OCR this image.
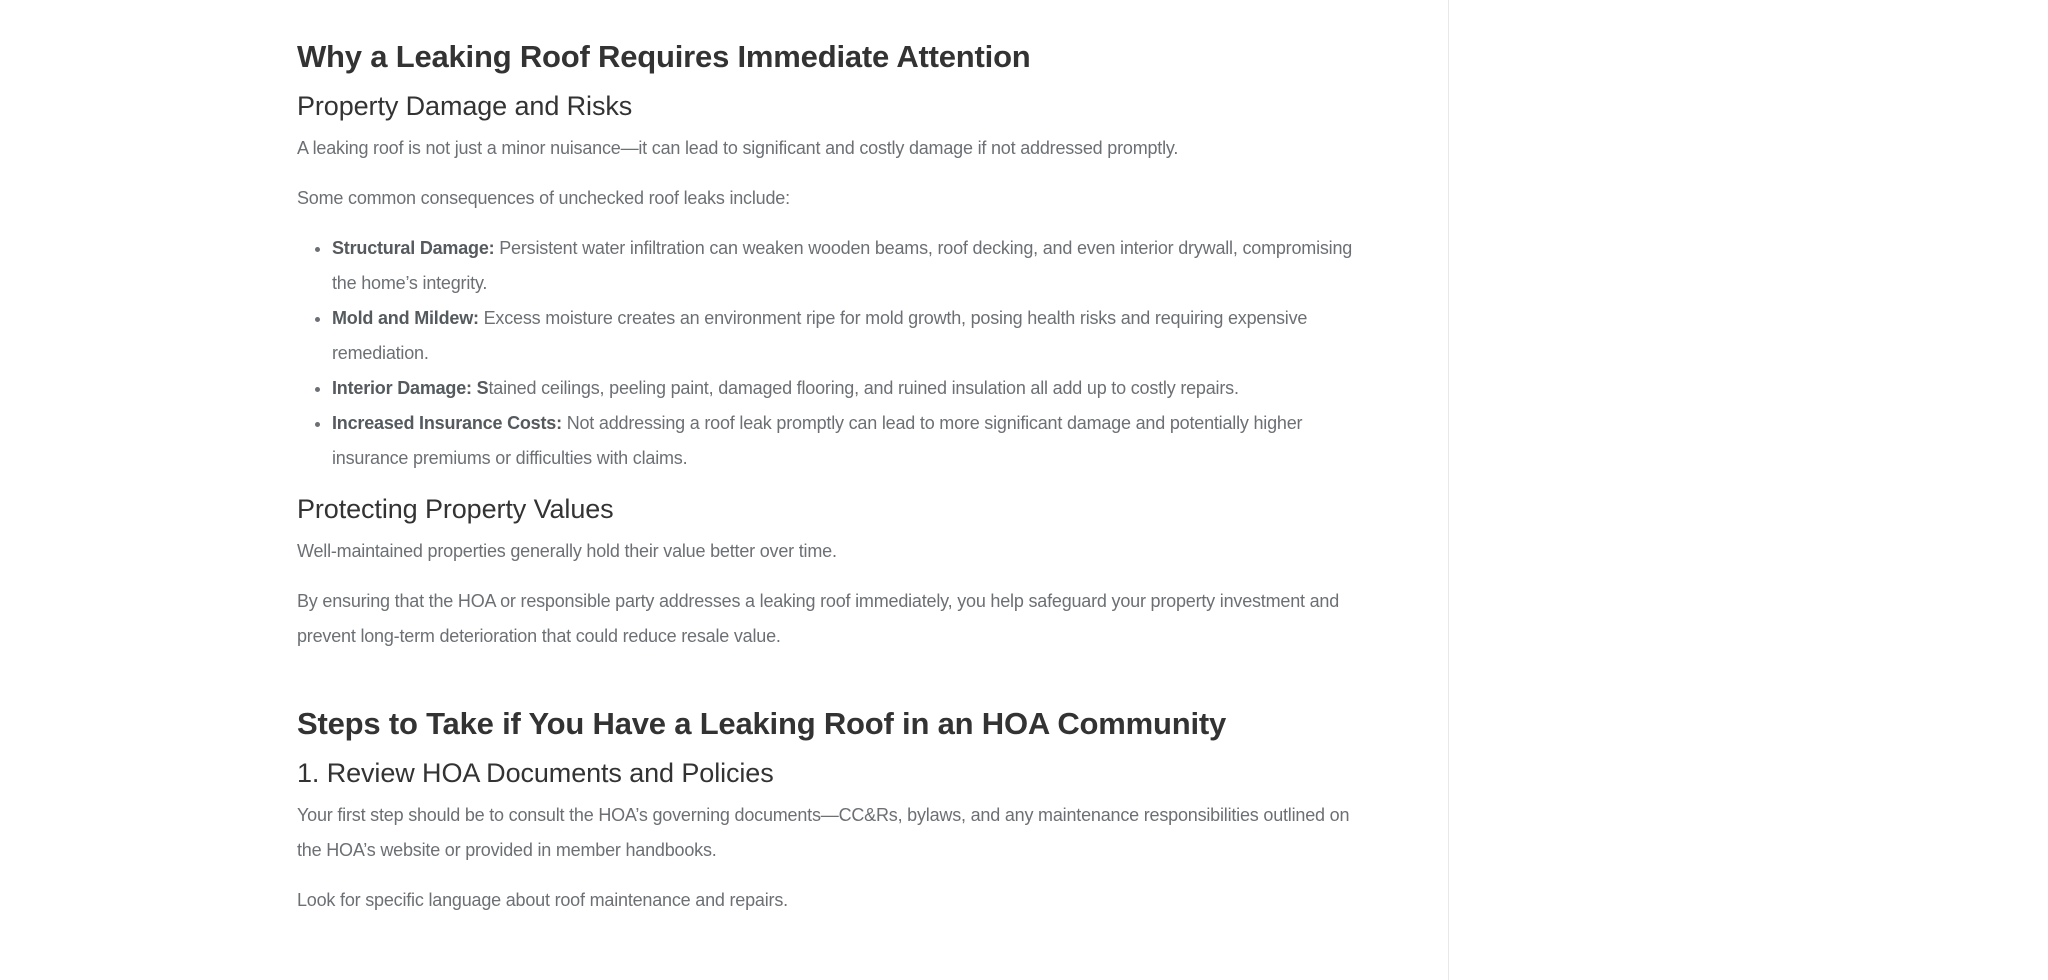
Why a Leaking Roof Requires Immediate Attention
Property Damage and Risks

A leaking roof is not just a minor nuisance—it can lead to significant and costly damage if not addressed promptly.

Some common consequences of unchecked roof leaks include:

• Structural Damage: Persistent water infiltration can weaken wooden beams, roof decking, and even interior drywall, compromising the home’s integrity.
• Mold and Mildew: Excess moisture creates an environment ripe for mold growth, posing health risks and requiring expensive remediation.
• Interior Damage: Stained ceilings, peeling paint, damaged flooring, and ruined insulation all add up to costly repairs.
• Increased Insurance Costs: Not addressing a roof leak promptly can lead to more significant damage and potentially higher insurance premiums or difficulties with claims.
Protecting Property Values

Well-maintained properties generally hold their value better over time.

By ensuring that the HOA or responsible party addresses a leaking roof immediately, you help safeguard your property investment and prevent long-term deterioration that could reduce resale value.

Steps to Take if You Have a Leaking Roof in an HOA Community
1. Review HOA Documents and Policies

Your first step should be to consult the HOA’s governing documents—CC&Rs, bylaws, and any maintenance responsibilities outlined on the HOA’s website or provided in member handbooks.

Look for specific language about roof maintenance and repairs.
